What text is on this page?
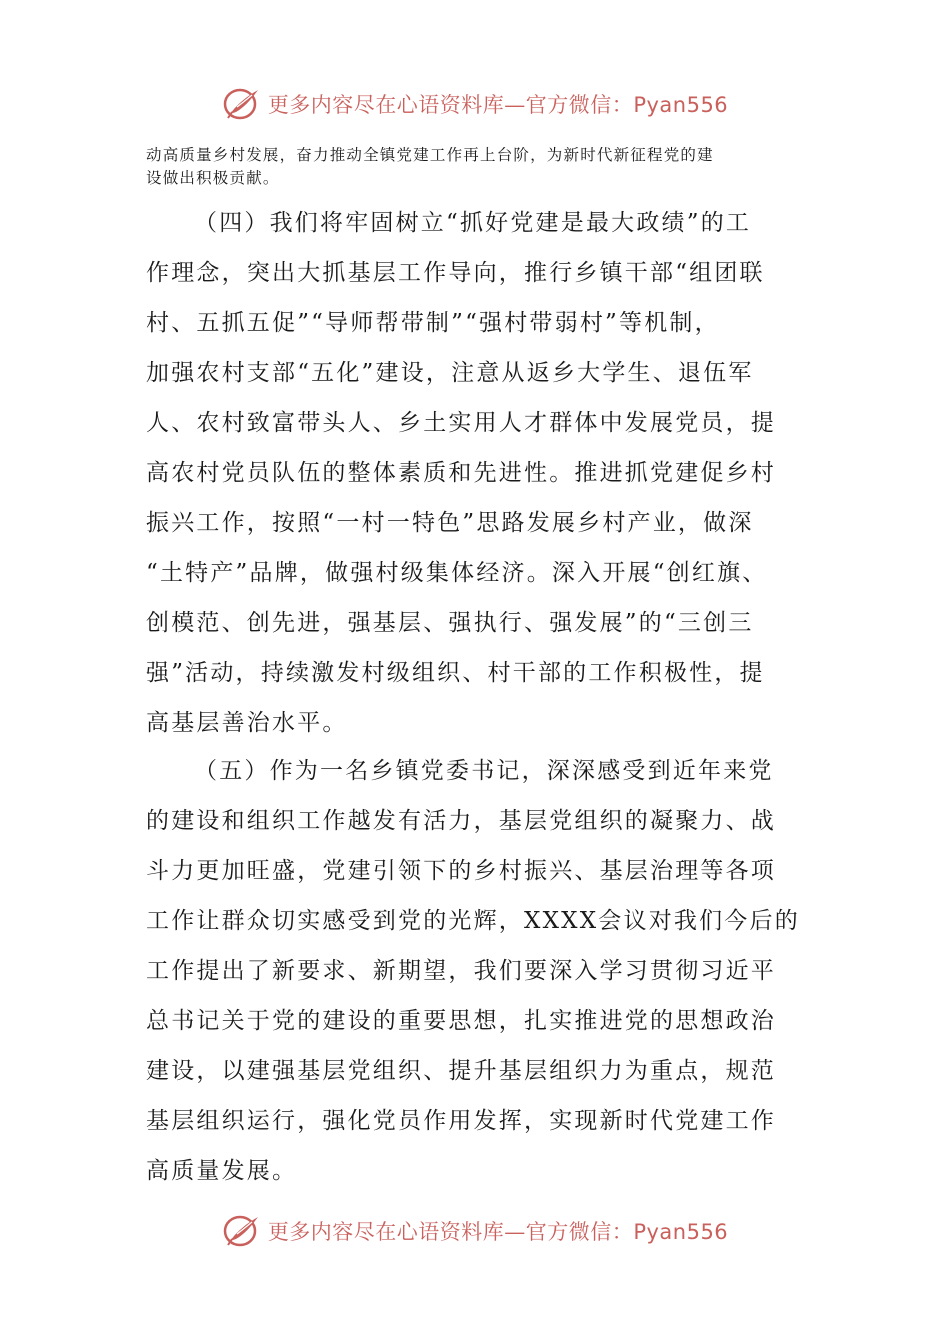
更多内容尽在心语资料库—官方微信：Pyan556
动高质量乡村发展，奋力推动全镇党建工作再上台阶，为新时代新征程党的建
设做出积极贡献。
（四）我们将牢固树立“抓好党建是最大政绩”的工
作理念，突出大抓基层工作导向，推行乡镇干部“组团联
村、五抓五促”“导师帮带制”“强村带弱村”等机制，
加强农村支部“五化”建设，注意从返乡大学生、退伍军
人、农村致富带头人、乡土实用人才群体中发展党员，提
高农村党员队伍的整体素质和先进性。推进抓党建促乡村
振兴工作，按照“一村一特色”思路发展乡村产业，做深
“土特产”品牌，做强村级集体经济。深入开展“创红旗、
创模范、创先进，强基层、强执行、强发展”的“三创三
强”活动，持续激发村级组织、村干部的工作积极性，提
高基层善治水平。
（五）作为一名乡镇党委书记，深深感受到近年来党
的建设和组织工作越发有活力，基层党组织的凝聚力、战
斗力更加旺盛，党建引领下的乡村振兴、基层治理等各项
工作让群众切实感受到党的光辉，XXXX会议对我们今后的
工作提出了新要求、新期望，我们要深入学习贯彻习近平
总书记关于党的建设的重要思想，扎实推进党的思想政治
建设，以建强基层党组织、提升基层组织力为重点，规范
基层组织运行，强化党员作用发挥，实现新时代党建工作
高质量发展。
更多内容尽在心语资料库—官方微信：Pyan556
